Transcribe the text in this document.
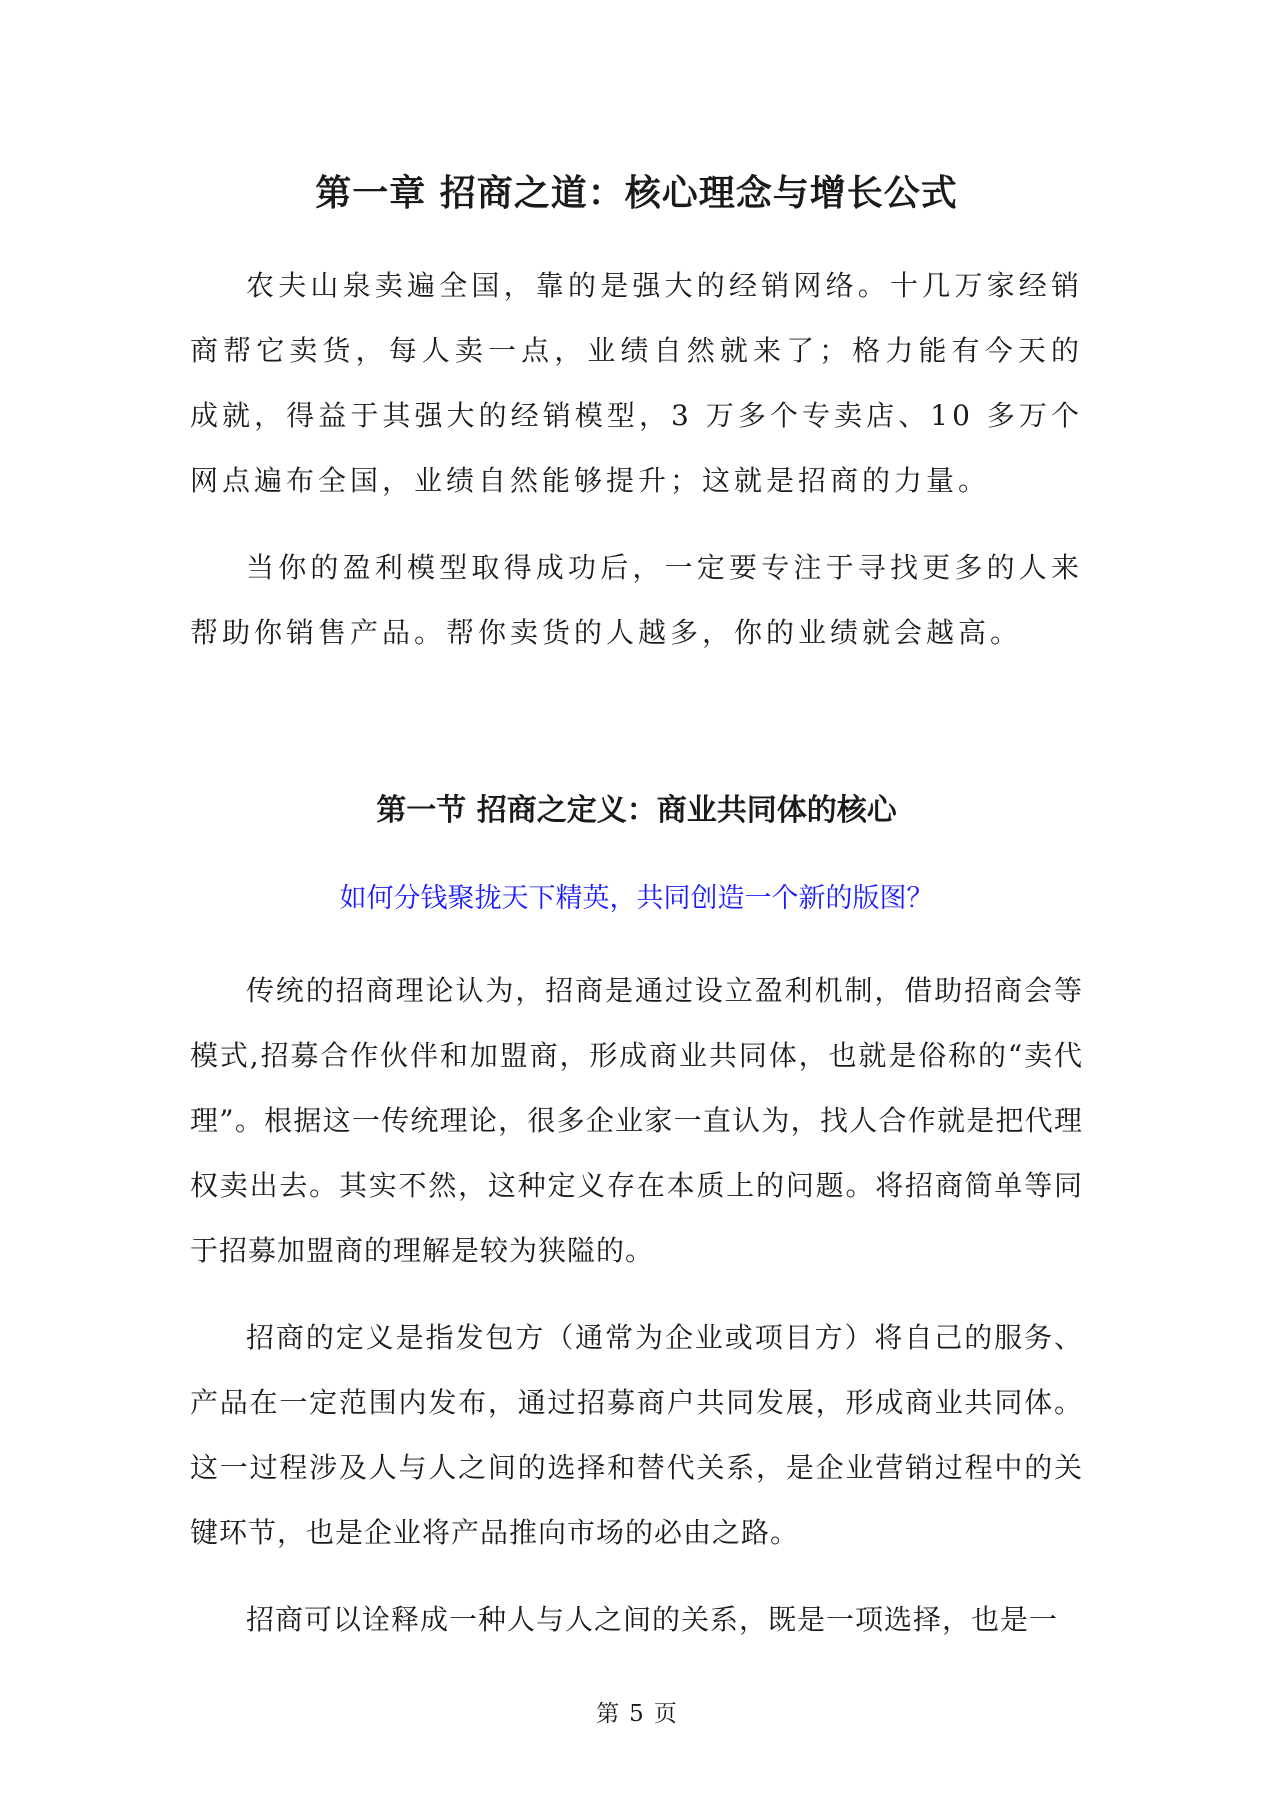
第一章 招商之道：核心理念与增长公式

农夫山泉卖遍全国，靠的是强大的经销网络。十几万家经销商帮它卖货，每人卖一点，业绩自然就来了；格力能有今天的成就，得益于其强大的经销模型，3 万多个专卖店、10 多万个网点遍布全国，业绩自然能够提升；这就是招商的力量。

当你的盈利模型取得成功后，一定要专注于寻找更多的人来帮助你销售产品。帮你卖货的人越多，你的业绩就会越高。

第一节 招商之定义：商业共同体的核心
如何分钱聚拢天下精英，共同创造一个新的版图？

传统的招商理论认为，招商是通过设立盈利机制，借助招商会等模式,招募合作伙伴和加盟商，形成商业共同体，也就是俗称的“卖代理”。根据这一传统理论，很多企业家一直认为，找人合作就是把代理权卖出去。其实不然，这种定义存在本质上的问题。将招商简单等同于招募加盟商的理解是较为狭隘的。

招商的定义是指发包方（通常为企业或项目方）将自己的服务、产品在一定范围内发布，通过招募商户共同发展，形成商业共同体。这一过程涉及人与人之间的选择和替代关系，是企业营销过程中的关键环节，也是企业将产品推向市场的必由之路。

招商可以诠释成一种人与人之间的关系，既是一项选择，也是一

第 5 页
